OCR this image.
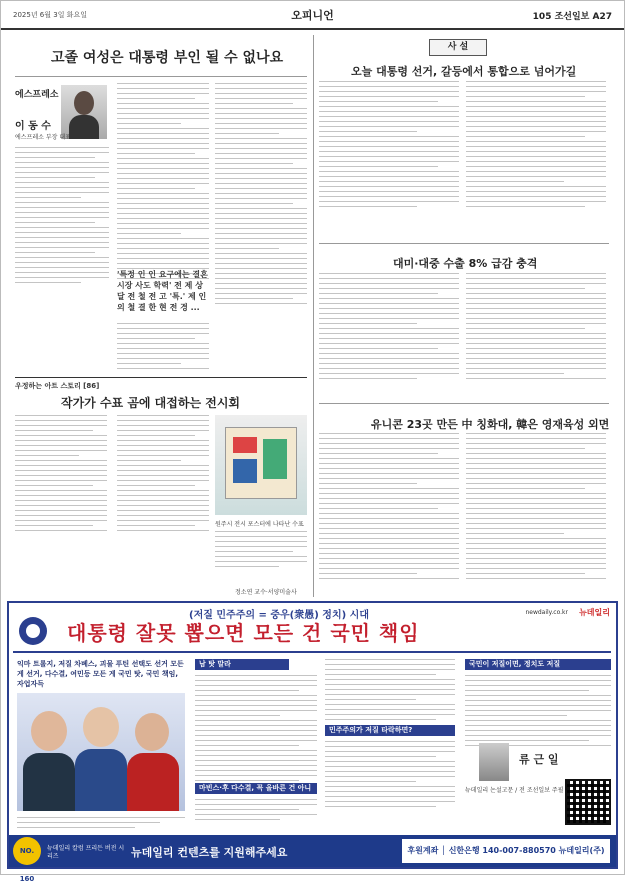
2025년 6월 3일 화요일	오피니언	105 조선일보 A27
고졸 여성은 대통령 부인 될 수 없나요
에스프레소
이 동 수
에스프레소 부장 대표
'특정 인 인 요구에는 결혼 시장 사도 학력' 전 제 상 달 전 철 전 고 '특.' 제 인 의 철 결 한 현 전 경 ...
사 설
오늘 대통령 선거, 갈등에서 통합으로 넘어가길
대미·대중 수출 8% 급감 충격
유니콘 23곳 만든 中 칭화대, 韓은 영재육성 외면
우정하는 아트 스토리 [86]
작가가 수표 곰에 대접하는 전시회
원주시 전시 포스터에 나타난 수표
정소연 교수·서양미술사
(저질 민주주의 = 중우(衆愚) 정치) 시대	newdaily.co.kr 뉴데일리
대통령 잘못 뽑으면 모든 건 국민 책임
익마 트롤지, 저질 차베스, 괴물 푸틴 선택도 선거 모든 게 선거, 다수결, 여민등 모든 게 국민 탓, 국민 책임, 자업자득
남 탓 말라
마빈스·후 다수결, 꼭 올바른 건 아니다
민주주의가 저질 타락하면?
국민이 저질이면, 정치도 저질
류 근 일
뉴데일리 논설고문 / 전 조선일보 주필
NO. 160
뉴데일리 칼럼 프리든 버전 시리즈	뉴데일리 컨텐츠를 지원해주세요	후원계좌 │ 신한은행 140-007-880570 뉴데일리(주)
